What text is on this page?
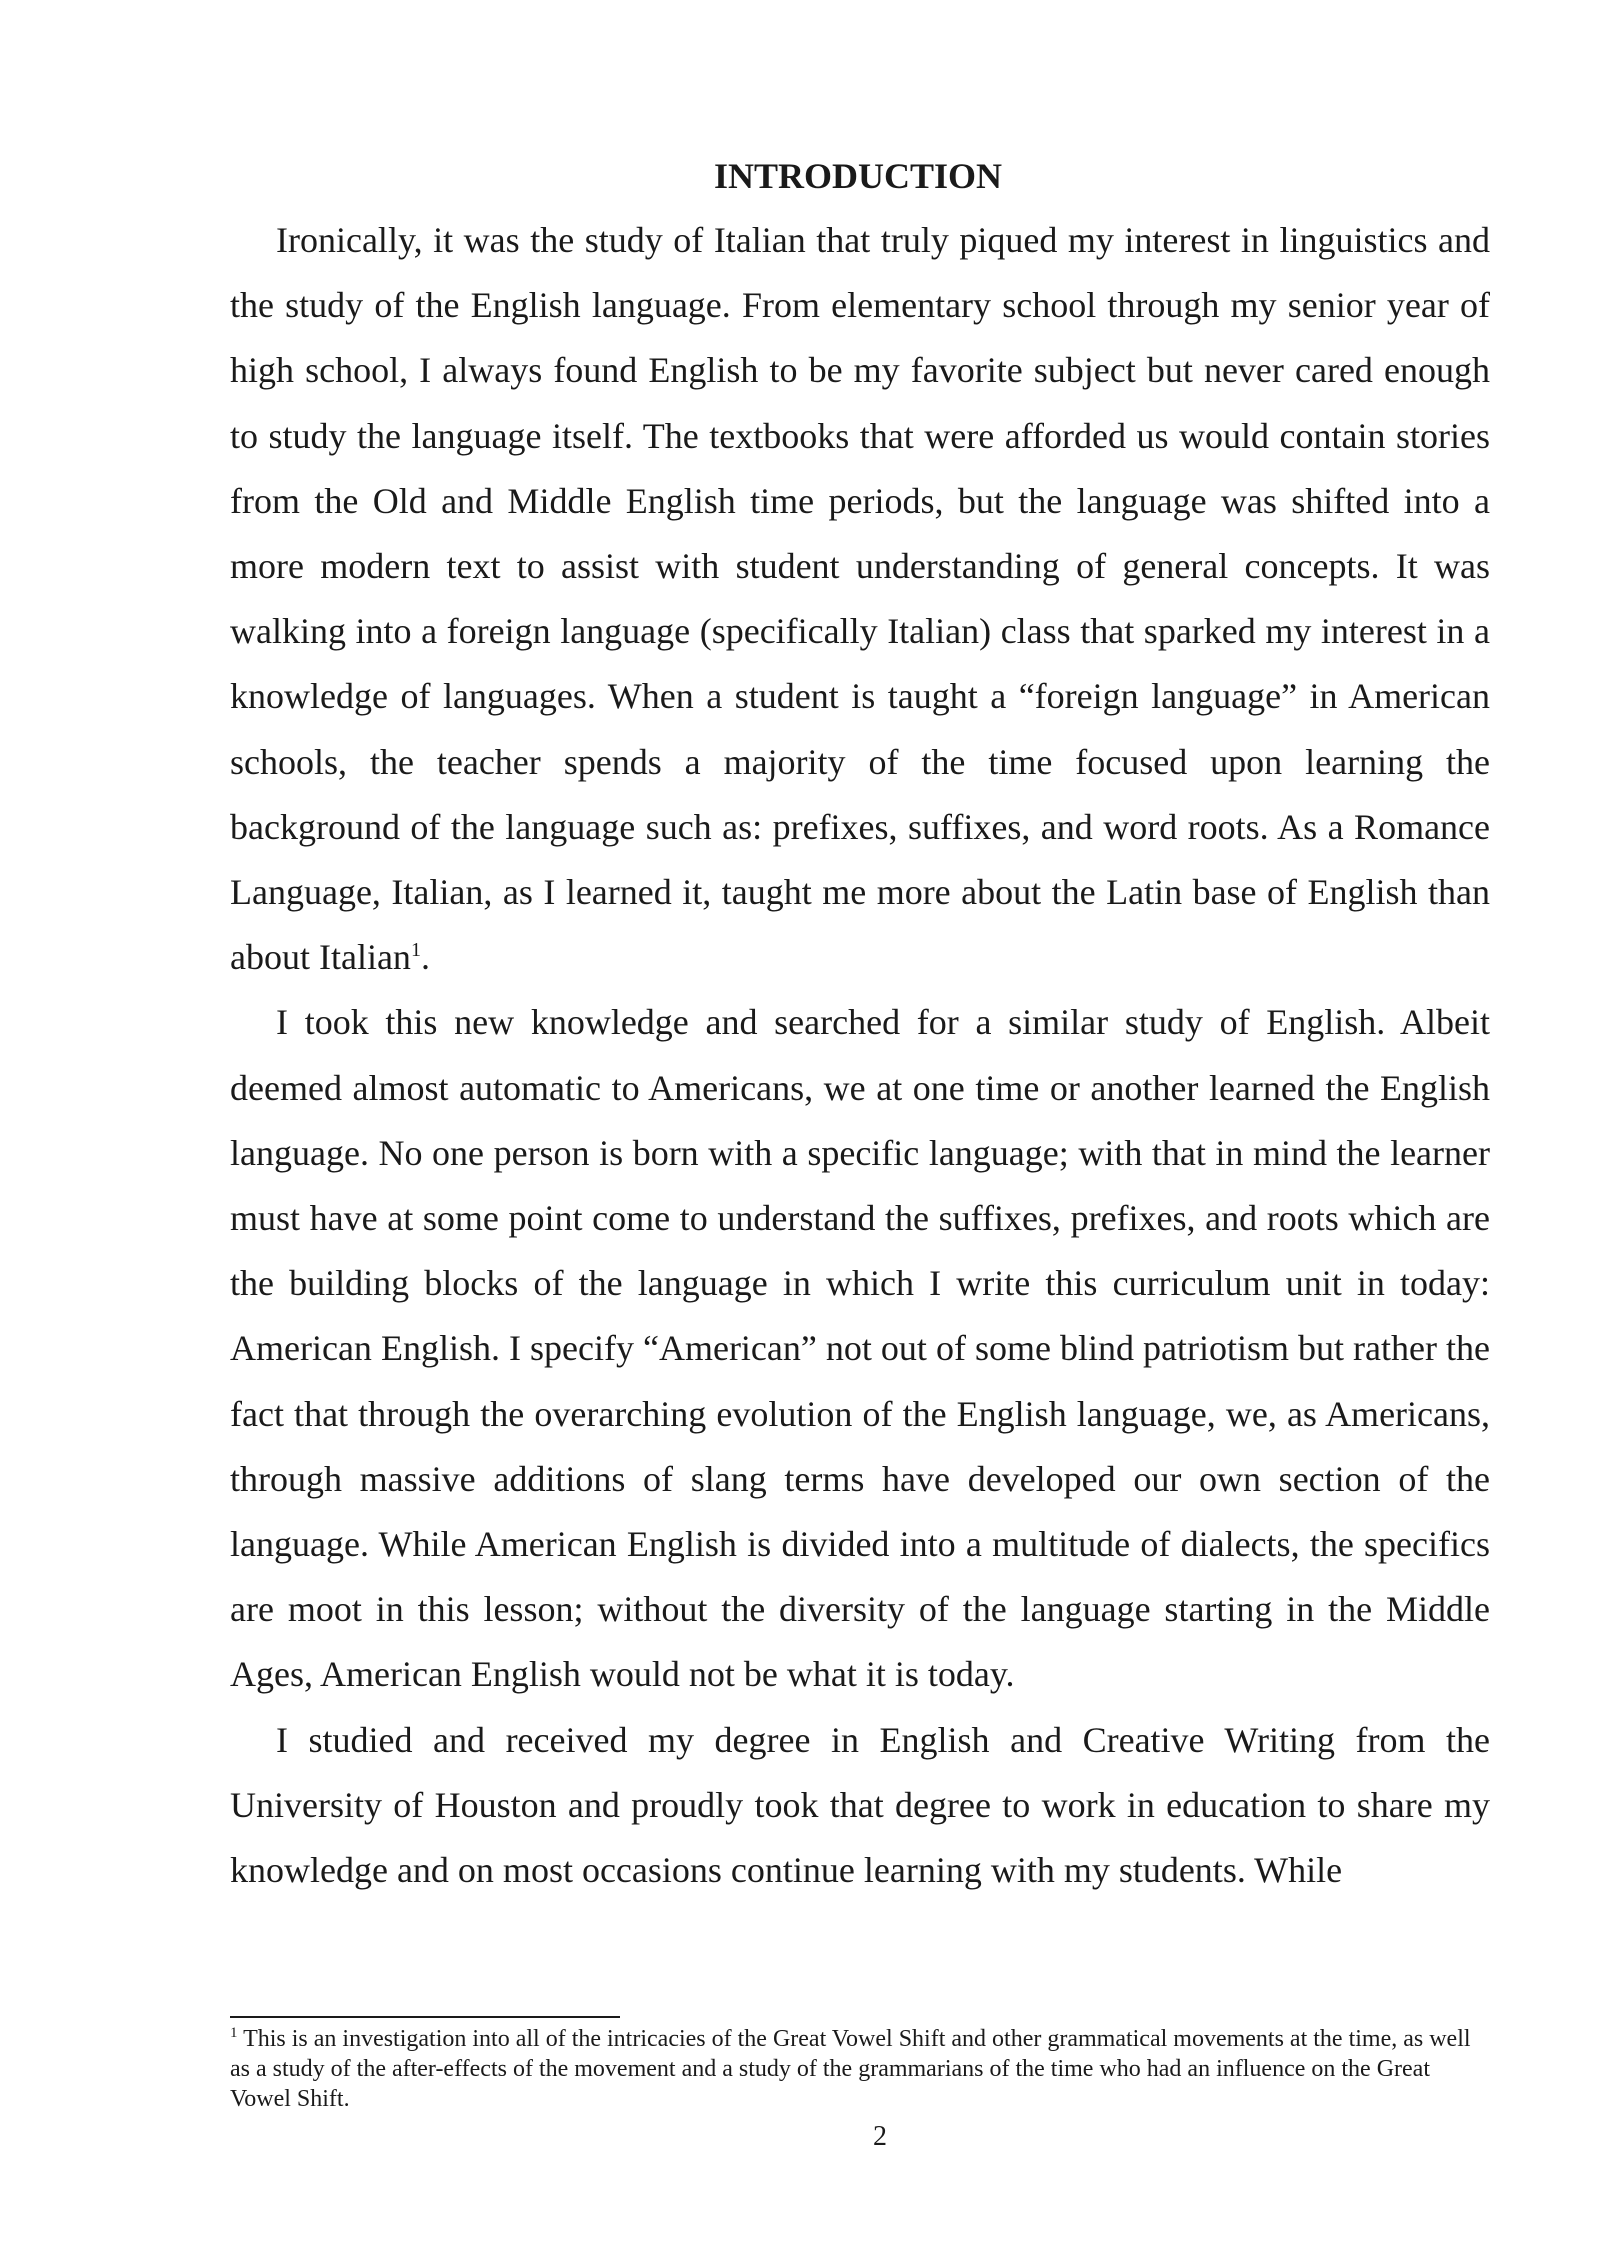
INTRODUCTION

Ironically, it was the study of Italian that truly piqued my interest in linguistics and the study of the English language. From elementary school through my senior year of high school, I always found English to be my favorite subject but never cared enough to study the language itself. The textbooks that were afforded us would contain stories from the Old and Middle English time periods, but the language was shifted into a more modern text to assist with student understanding of general concepts. It was walking into a foreign language (specifically Italian) class that sparked my interest in a knowledge of languages. When a student is taught a “foreign language” in American schools, the teacher spends a majority of the time focused upon learning the background of the language such as: prefixes, suffixes, and word roots. As a Romance Language, Italian, as I learned it, taught me more about the Latin base of English than about Italian$^1$.

I took this new knowledge and searched for a similar study of English. Albeit deemed almost automatic to Americans, we at one time or another learned the English language. No one person is born with a specific language; with that in mind the learner must have at some point come to understand the suffixes, prefixes, and roots which are the building blocks of the language in which I write this curriculum unit in today: American English. I specify “American” not out of some blind patriotism but rather the fact that through the overarching evolution of the English language, we, as Americans, through massive additions of slang terms have developed our own section of the language. While American English is divided into a multitude of dialects, the specifics are moot in this lesson; without the diversity of the language starting in the Middle Ages, American English would not be what it is today.

I studied and received my degree in English and Creative Writing from the University of Houston and proudly took that degree to work in education to share my knowledge and on most occasions continue learning with my students. While

$^1$ This is an investigation into all of the intricacies of the Great Vowel Shift and other grammatical movements at the time, as well as a study of the after-effects of the movement and a study of the grammarians of the time who had an influence on the Great Vowel Shift.

2
